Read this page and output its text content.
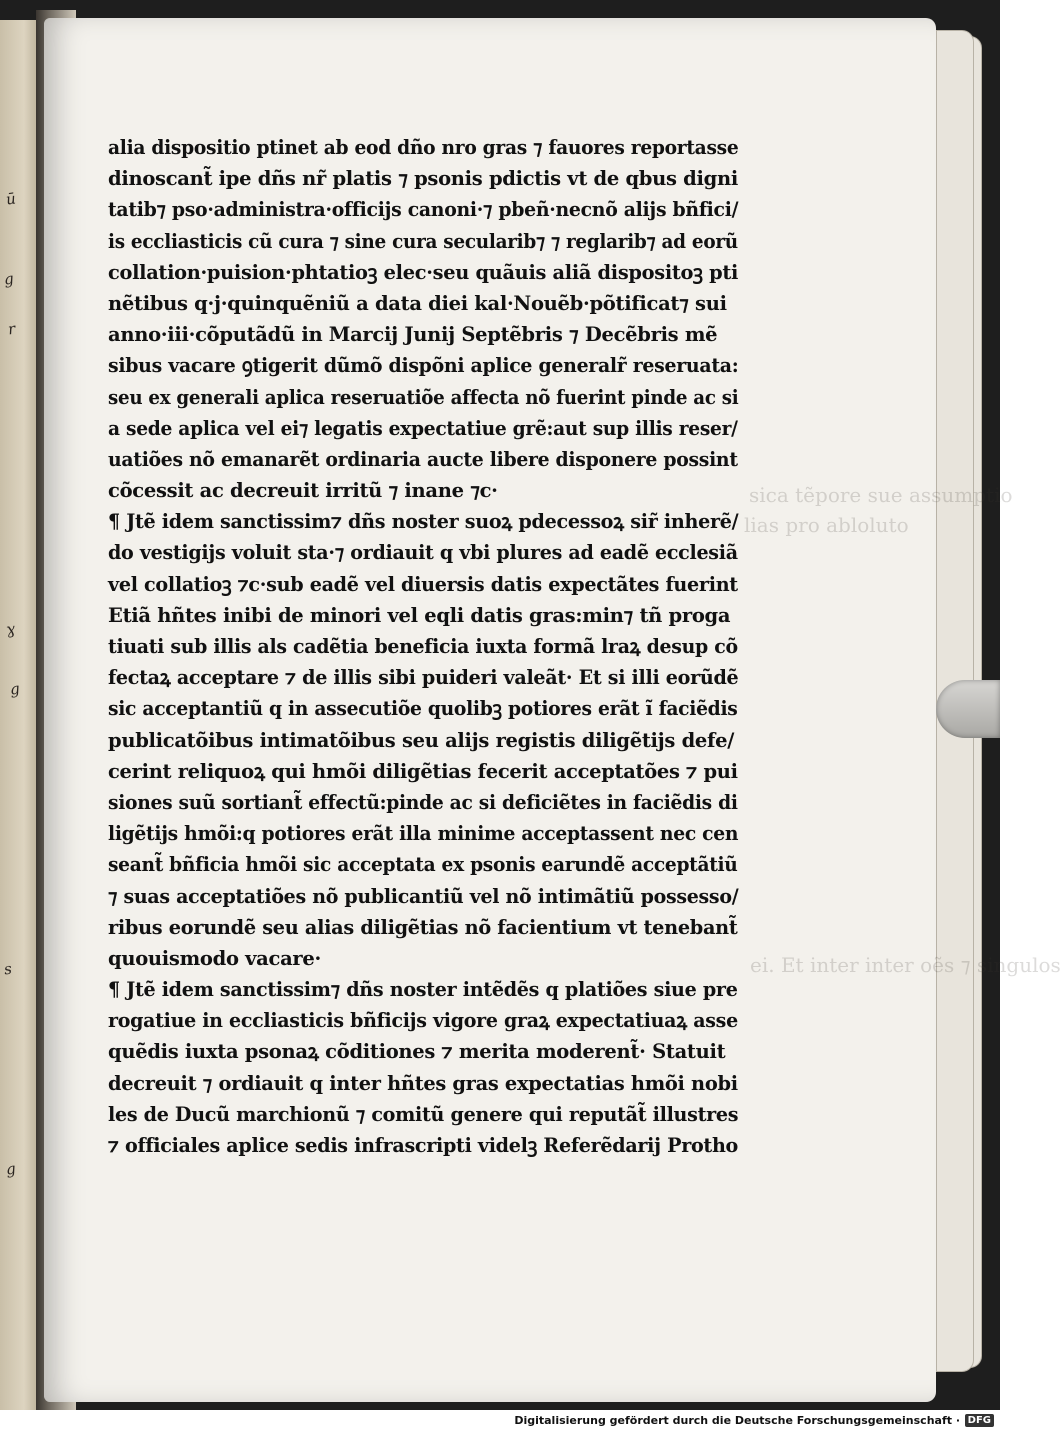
ū
g
r
ɣ
g
s
g
sica tẽpore sue assumptio
lias pro abloluto
ei. Et inter inter oẽs ⁊ singulos
alia dispositio ptinet ab eod dño nro gras ⁊ fauores reportasse
dinoscant̃ ipe dñs nr̃ platis ⁊ psonis pdictis vt de qbus digni
tatib⁊ pso·administra·officijs canoni·⁊ pbeñ·necnõ alijs bñfici/
is eccliasticis cũ cura ⁊ sine cura secularib⁊ ⁊ reglarib⁊ ad eorũ
collation·puision·phtatioꝫ elec·seu quãuis aliã dispositoꝫ pti
nẽtibus q·j·quinquẽniũ a data diei kal·Nouẽb·põtificat⁊ sui
anno·iii·cõputãdũ in Marcij Junij Septẽbris ⁊ Decẽbris mẽ
sibus vacare ꝯtigerit dũmõ dispõni aplice generalr̃ reseruata:
seu ex generali aplica reseruatiõe affecta nõ fuerint pinde ac si
a sede aplica vel ei⁊ legatis expectatiue grẽ:aut sup illis reser/
uatiões nõ emanarẽt ordinaria aucte libere disponere possint
cõcessit ac decreuit irritũ ⁊ inane ⁊c·
¶ Jtẽ idem sanctissim⁊ dñs noster suoꝝ pdecessoꝝ sir̃ inherẽ/
do vestigijs voluit sta·⁊ ordiauit q vbi plures ad eadẽ ecclesiã
vel collatioꝫ ⁊c·sub eadẽ vel diuersis datis expectãtes fuerint
Etiã hñtes inibi de minori vel eqli datis gras:min⁊ tñ proga
tiuati sub illis als cadẽtia beneficia iuxta formã lraꝝ desup cõ
fectaꝝ acceptare ⁊ de illis sibi puideri valeãt· Et si illi eorũdẽ
sic acceptantiũ q in assecutiõe quolibꝫ potiores erãt ĩ faciẽdis
publicatõibus intimatõibus seu alijs registis diligẽtijs defe/
cerint reliquoꝝ qui hmõi diligẽtias fecerit acceptatões ⁊ pui
siones suũ sortiant̃ effectũ:pinde ac si deficiẽtes in faciẽdis di
ligẽtijs hmõi:q potiores erãt illa minime acceptassent nec cen
seant̃ bñficia hmõi sic acceptata ex psonis earundẽ acceptãtiũ
⁊ suas acceptatiões nõ publicantiũ vel nõ intimãtiũ possesso/
ribus eorundẽ seu alias diligẽtias nõ facientium vt tenebant̃
quouismodo vacare·
¶ Jtẽ idem sanctissim⁊ dñs noster intẽdẽs q platiões siue pre
rogatiue in eccliasticis bñficijs vigore graꝝ expectatiuaꝝ asse
quẽdis iuxta psonaꝝ cõditiones ⁊ merita moderent̃· Statuit
decreuit ⁊ ordiauit q inter hñtes gras expectatias hmõi nobi
les de Ducũ marchionũ ⁊ comitũ genere qui reputãt̃ illustres
⁊ officiales aplice sedis infrascripti videlꝫ Referẽdarij Protho
Digitalisierung gefördert durch die Deutsche Forschungsgemeinschaft · DFG
